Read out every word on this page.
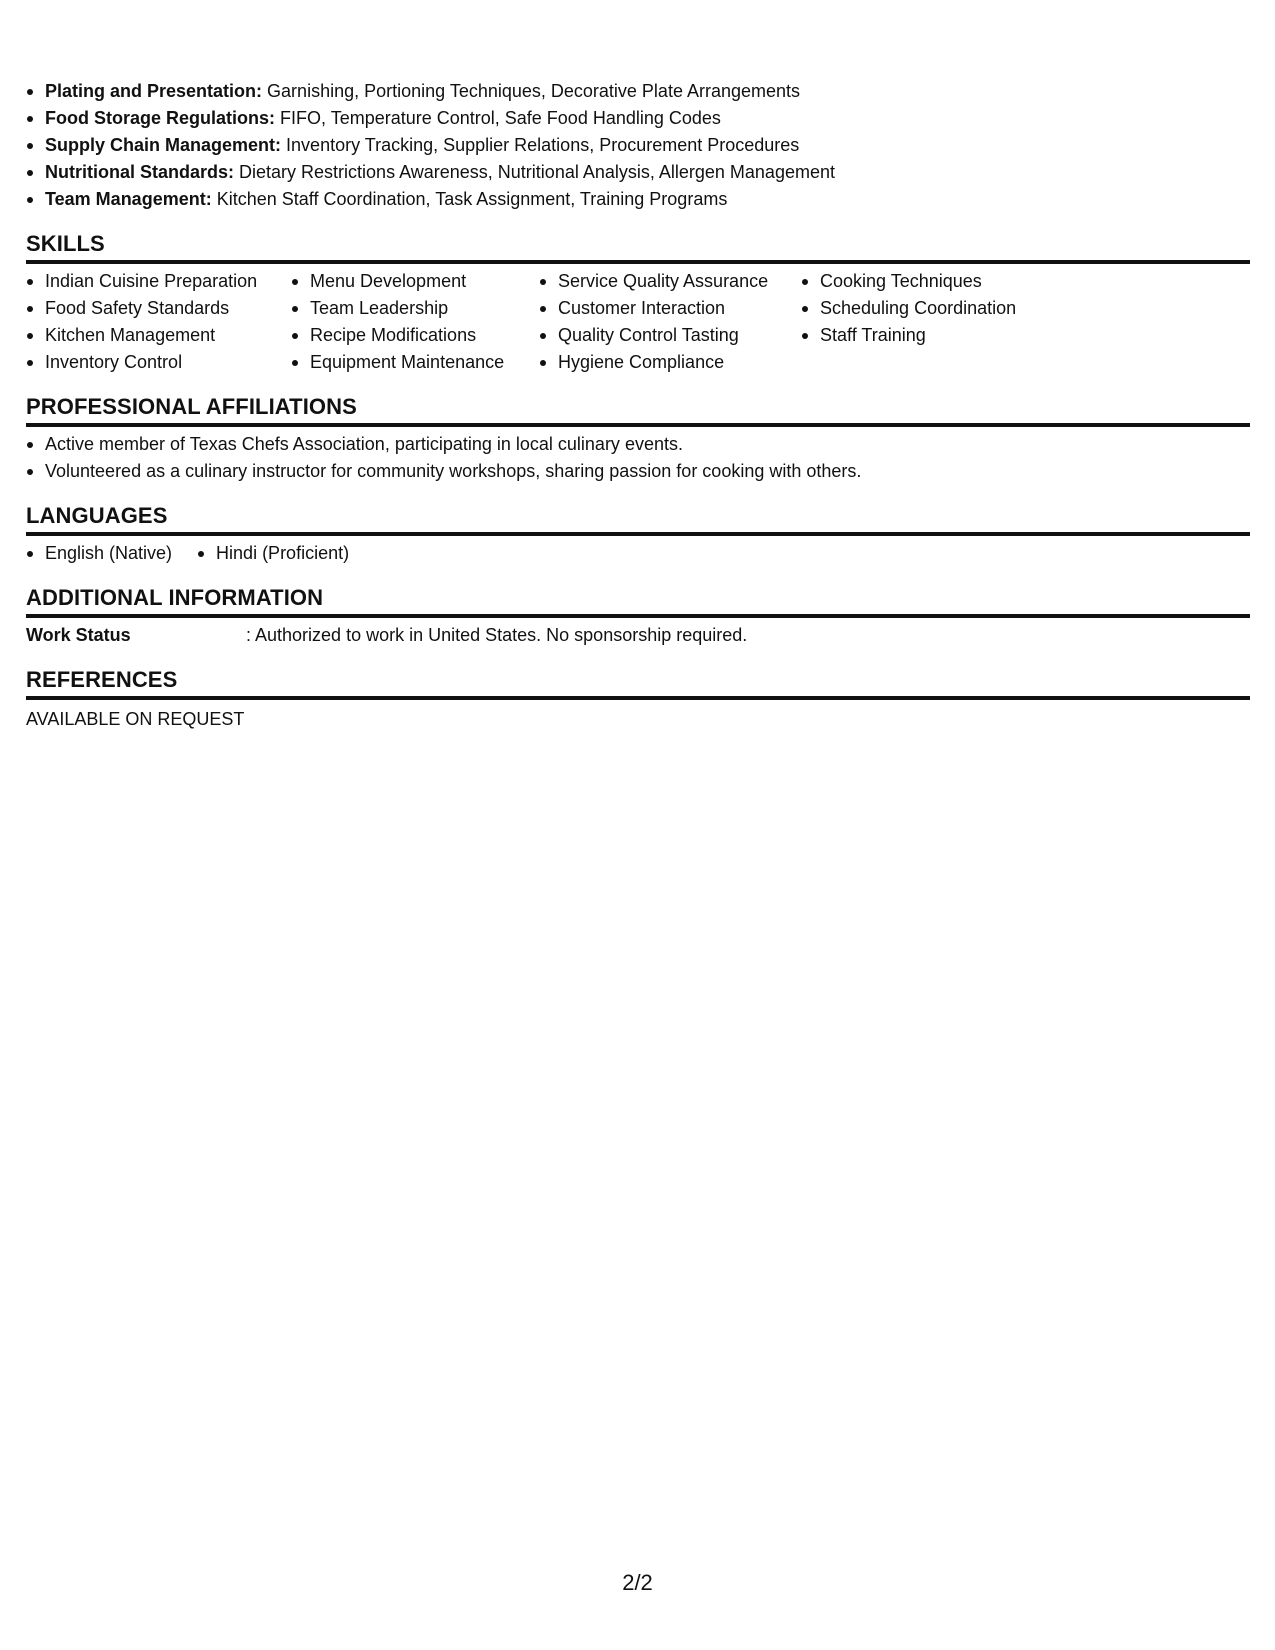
Plating and Presentation: Garnishing, Portioning Techniques, Decorative Plate Arrangements
Food Storage Regulations: FIFO, Temperature Control, Safe Food Handling Codes
Supply Chain Management: Inventory Tracking, Supplier Relations, Procurement Procedures
Nutritional Standards: Dietary Restrictions Awareness, Nutritional Analysis, Allergen Management
Team Management: Kitchen Staff Coordination, Task Assignment, Training Programs
SKILLS
Indian Cuisine Preparation
Food Safety Standards
Kitchen Management
Inventory Control
Menu Development
Team Leadership
Recipe Modifications
Equipment Maintenance
Service Quality Assurance
Customer Interaction
Quality Control Tasting
Hygiene Compliance
Cooking Techniques
Scheduling Coordination
Staff Training
PROFESSIONAL AFFILIATIONS
Active member of Texas Chefs Association, participating in local culinary events.
Volunteered as a culinary instructor for community workshops, sharing passion for cooking with others.
LANGUAGES
English (Native)	Hindi (Proficient)
ADDITIONAL INFORMATION
Work Status	: Authorized to work in United States. No sponsorship required.
REFERENCES
AVAILABLE ON REQUEST
2/2
